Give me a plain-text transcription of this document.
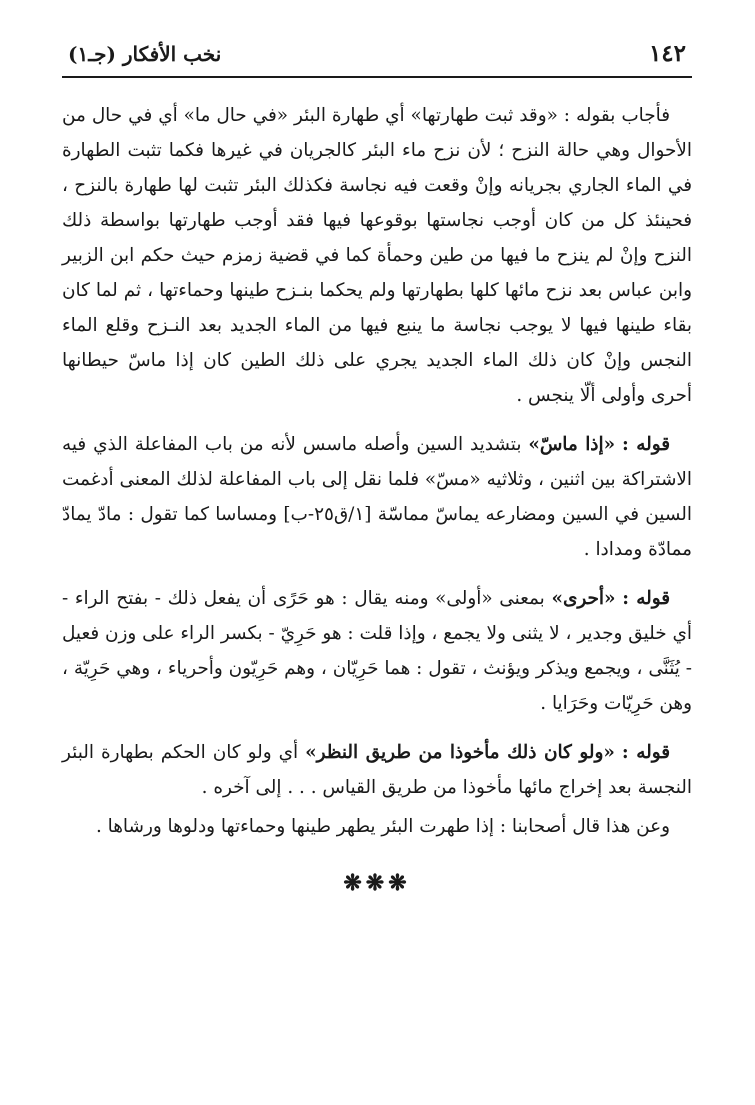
١٤٢
نخب الأفكار (جـ١)

فأجاب بقوله : «وقد ثبت طهارتها» أي طهارة البئر «في حال ما» أي في حال من الأحوال وهي حالة النزح ؛ لأن نزح ماء البئر كالجريان في غيرها فكما تثبت الطهارة في الماء الجاري بجريانه وإنْ وقعت فيه نجاسة فكذلك البئر تثبت لها طهارة بالنزح ، فحينئذ كل من كان أوجب نجاستها بوقوعها فيها فقد أوجب طهارتها بواسطة ذلك النزح وإنْ لم ينزح ما فيها من طين وحمأة كما في قضية زمزم حيث حكم ابن الزبير وابن عباس بعد نزح مائها كلها بطهارتها ولم يحكما بنـزح طينها وحماءتها ، ثم لما كان بقاء طينها فيها لا يوجب نجاسة ما ينبع فيها من الماء الجديد بعد النـزح وقلع الماء النجس وإنْ كان ذلك الماء الجديد يجري على ذلك الطين كان إذا ماسّ حيطانها أحرى وأولى ألّا ينجس .

قوله : «إذا ماسّ» بتشديد السين وأصله ماسس لأنه من باب المفاعلة الذي فيه الاشتراكة بين اثنين ، وثلاثيه «مسّ» فلما نقل إلى باب المفاعلة لذلك المعنى أدغمت السين في السين ومضارعه يماسّ مماسّة [١/ق٢٥-ب] ومساسا كما تقول : مادّ يمادّ ممادّة ومدادا .

قوله : «أحرى» بمعنى «أولى» ومنه يقال : هو حَرًى أن يفعل ذلك - بفتح الراء - أي خليق وجدير ، لا يثنى ولا يجمع ، وإذا قلت : هو حَرِيّ - بكسر الراء على وزن فعيل - يُثَنَّى ، ويجمع ويذكر ويؤنث ، تقول : هما حَرِيّان ، وهم حَرِيّون وأحرياء ، وهي حَرِيّة ، وهن حَرِيّات وحَرَايا .

قوله : «ولو كان ذلك مأخوذا من طريق النظر» أي ولو كان الحكم بطهارة البئر النجسة بعد إخراج مائها مأخوذا من طريق القياس . . . إلى آخره .

وعن هذا قال أصحابنا : إذا طهرت البئر يطهر طينها وحماءتها ودلوها ورشاها .

❋❋❋
